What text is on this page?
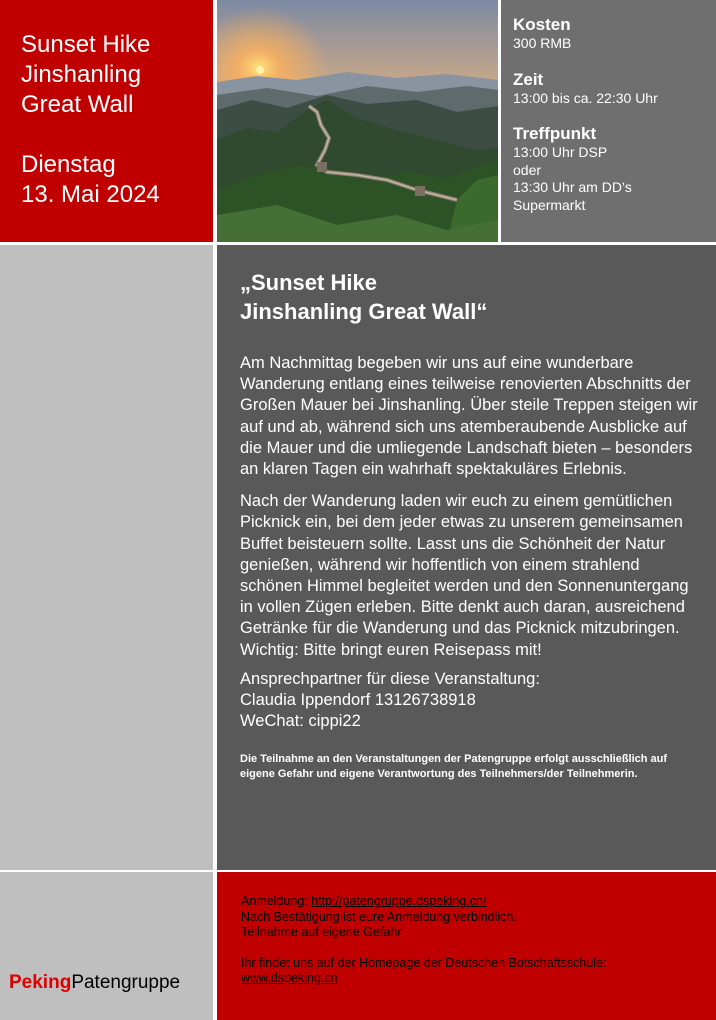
Sunset Hike
Jinshanling
Great Wall
Dienstag
13. Mai 2024
Kosten
300 RMB
Zeit
13:00 bis ca. 22:30 Uhr
Treffpunkt
13:00 Uhr DSP
oder
13:30 Uhr am DD’s
Supermarkt
„Sunset Hike
Jinshanling Great Wall“

Am Nachmittag begeben wir uns auf eine wunderbare Wanderung entlang eines teilweise renovierten Abschnitts der Großen Mauer bei Jinshanling. Über steile Treppen steigen wir auf und ab, während sich uns atemberaubende Ausblicke auf die Mauer und die umliegende Landschaft bieten – besonders an klaren Tagen ein wahrhaft spektakuläres Erlebnis.

Nach der Wanderung laden wir euch zu einem gemütlichen Picknick ein, bei dem jeder etwas zu unserem gemeinsamen Buffet beisteuern sollte. Lasst uns die Schönheit der Natur genießen, während wir hoffentlich von einem strahlend schönen Himmel begleitet werden und den Sonnenuntergang in vollen Zügen erleben. Bitte denkt auch daran, ausreichend Getränke für die Wanderung und das Picknick mitzubringen. Wichtig: Bitte bringt euren Reisepass mit!

Ansprechpartner für diese Veranstaltung:

Claudia Ippendorf 13126738918

WeChat: cippi22

Die Teilnahme an den Veranstaltungen der Patengruppe erfolgt ausschließlich auf eigene Gefahr und eigene Verantwortung des Teilnehmers/der Teilnehmerin.

PekingPatengruppe
Anmeldung: http://patengruppe.dspeking.cn/
Nach Bestätigung ist eure Anmeldung verbindlich.
Teilnahme auf eigene Gefahr
Ihr findet uns auf der Homepage der Deutschen Botschaftsschule:
www.dspeking.cn
